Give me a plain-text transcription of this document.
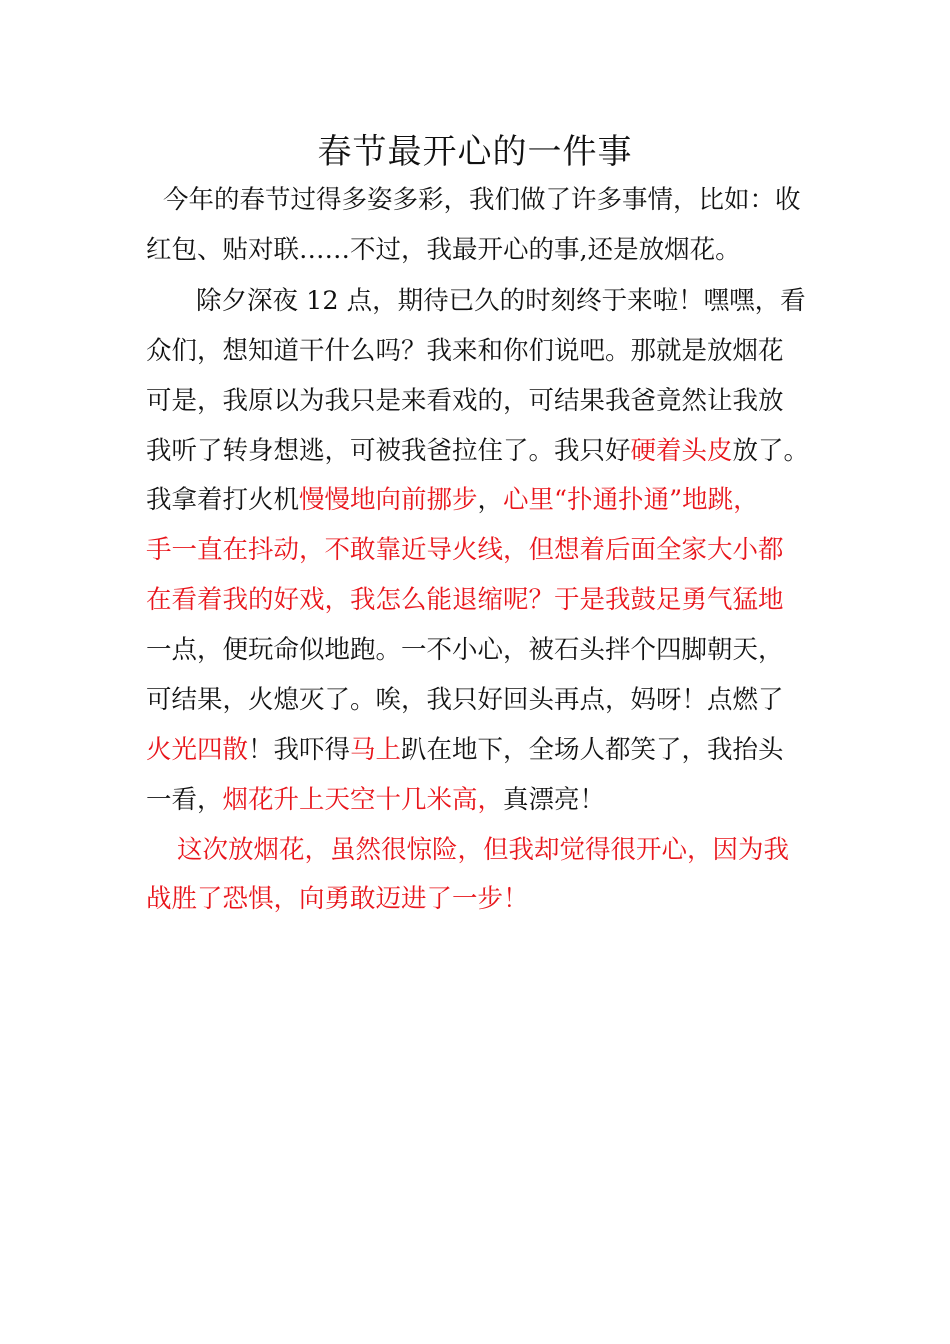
春节最开心的一件事
今年的春节过得多姿多彩，我们做了许多事情，比如：收
红包、贴对联……不过，我最开心的事,还是放烟花。
除夕深夜 12 点，期待已久的时刻终于来啦！嘿嘿，看
众们，想知道干什么吗？我来和你们说吧。那就是放烟花
可是，我原以为我只是来看戏的，可结果我爸竟然让我放
我听了转身想逃，可被我爸拉住了。我只好硬着头皮放了。
我拿着打火机慢慢地向前挪步，心里“扑通扑通”地跳，
手一直在抖动，不敢靠近导火线，但想着后面全家大小都
在看着我的好戏，我怎么能退缩呢？于是我鼓足勇气猛地
一点，便玩命似地跑。一不小心，被石头拌个四脚朝天，
可结果，火熄灭了。唉，我只好回头再点，妈呀！点燃了
火光四散！我吓得马上趴在地下，全场人都笑了，我抬头
一看，烟花升上天空十几米高，真漂亮！
这次放烟花，虽然很惊险，但我却觉得很开心，因为我
战胜了恐惧，向勇敢迈进了一步！
